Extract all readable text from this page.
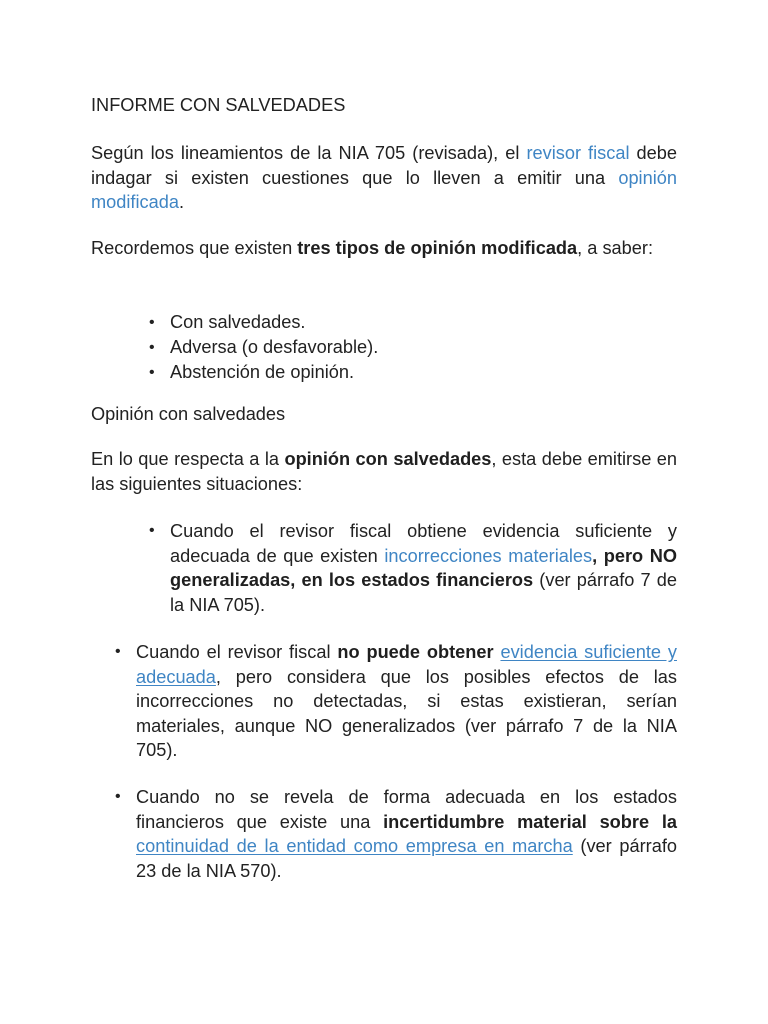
INFORME CON SALVEDADES

Según los lineamientos de la NIA 705 (revisada), el revisor fiscal debe indagar si existen cuestiones que lo lleven a emitir una opinión modificada.

Recordemos que existen tres tipos de opinión modificada, a saber:

• Con salvedades.
• Adversa (o desfavorable).
• Abstención de opinión.
Opinión con salvedades

En lo que respecta a la opinión con salvedades, esta debe emitirse en las siguientes situaciones:

• Cuando el revisor fiscal obtiene evidencia suficiente y adecuada de que existen incorrecciones materiales, pero NO generalizadas, en los estados financieros (ver párrafo 7 de la NIA 705).
• Cuando el revisor fiscal no puede obtener evidencia suficiente y adecuada, pero considera que los posibles efectos de las incorrecciones no detectadas, si estas existieran, serían materiales, aunque NO generalizados (ver párrafo 7 de la NIA 705).
• Cuando no se revela de forma adecuada en los estados financieros que existe una incertidumbre material sobre la continuidad de la entidad como empresa en marcha (ver párrafo 23 de la NIA 570).
